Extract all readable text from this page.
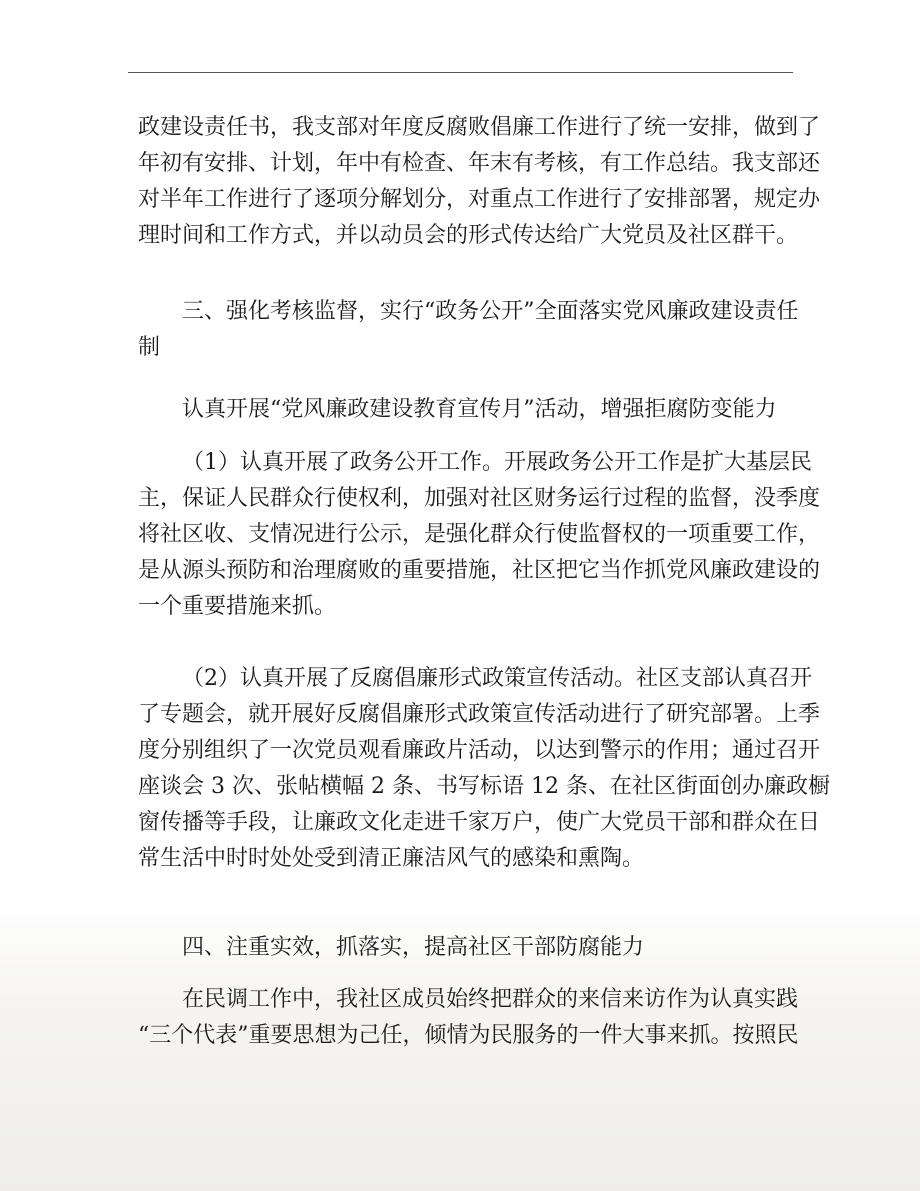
政建设责任书，我支部对年度反腐败倡廉工作进行了统一安排，做到了
年初有安排、计划，年中有检查、年末有考核，有工作总结。我支部还
对半年工作进行了逐项分解划分，对重点工作进行了安排部署，规定办
理时间和工作方式，并以动员会的形式传达给广大党员及社区群干。
三、强化考核监督，实行“政务公开”全面落实党风廉政建设责任
制
认真开展“党风廉政建设教育宣传月”活动，增强拒腐防变能力
（1）认真开展了政务公开工作。开展政务公开工作是扩大基层民
主，保证人民群众行使权利，加强对社区财务运行过程的监督，没季度
将社区收、支情况进行公示，是强化群众行使监督权的一项重要工作，
是从源头预防和治理腐败的重要措施，社区把它当作抓党风廉政建设的
一个重要措施来抓。
（2）认真开展了反腐倡廉形式政策宣传活动。社区支部认真召开
了专题会，就开展好反腐倡廉形式政策宣传活动进行了研究部署。上季
度分别组织了一次党员观看廉政片活动，以达到警示的作用；通过召开
座谈会 3 次、张帖横幅 2 条、书写标语 12 条、在社区街面创办廉政橱
窗传播等手段，让廉政文化走进千家万户，使广大党员干部和群众在日
常生活中时时处处受到清正廉洁风气的感染和熏陶。
四、注重实效，抓落实，提高社区干部防腐能力
在民调工作中，我社区成员始终把群众的来信来访作为认真实践
“三个代表”重要思想为己任，倾情为民服务的一件大事来抓。按照民
